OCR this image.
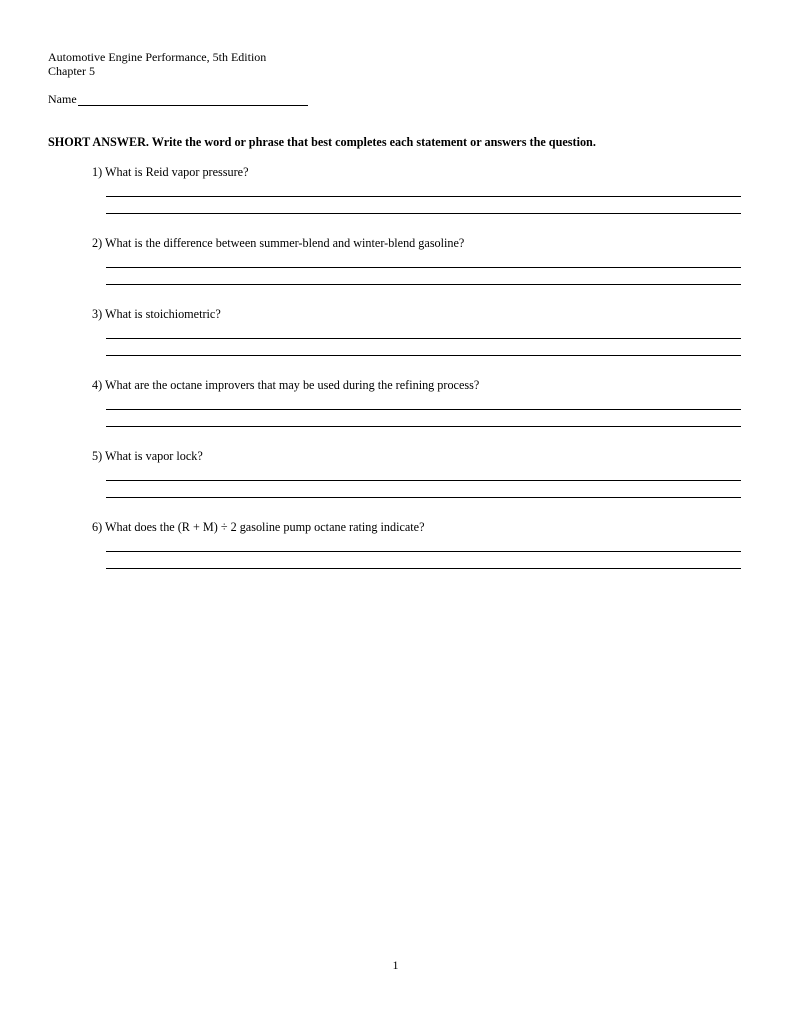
Automotive Engine Performance, 5th Edition
Chapter 5
Name
SHORT ANSWER. Write the word or phrase that best completes each statement or answers the question.
1) What is Reid vapor pressure?
2) What is the difference between summer-blend and winter-blend gasoline?
3) What is stoichiometric?
4) What are the octane improvers that may be used during the refining process?
5) What is vapor lock?
6) What does the (R + M) ÷ 2 gasoline pump octane rating indicate?
1
